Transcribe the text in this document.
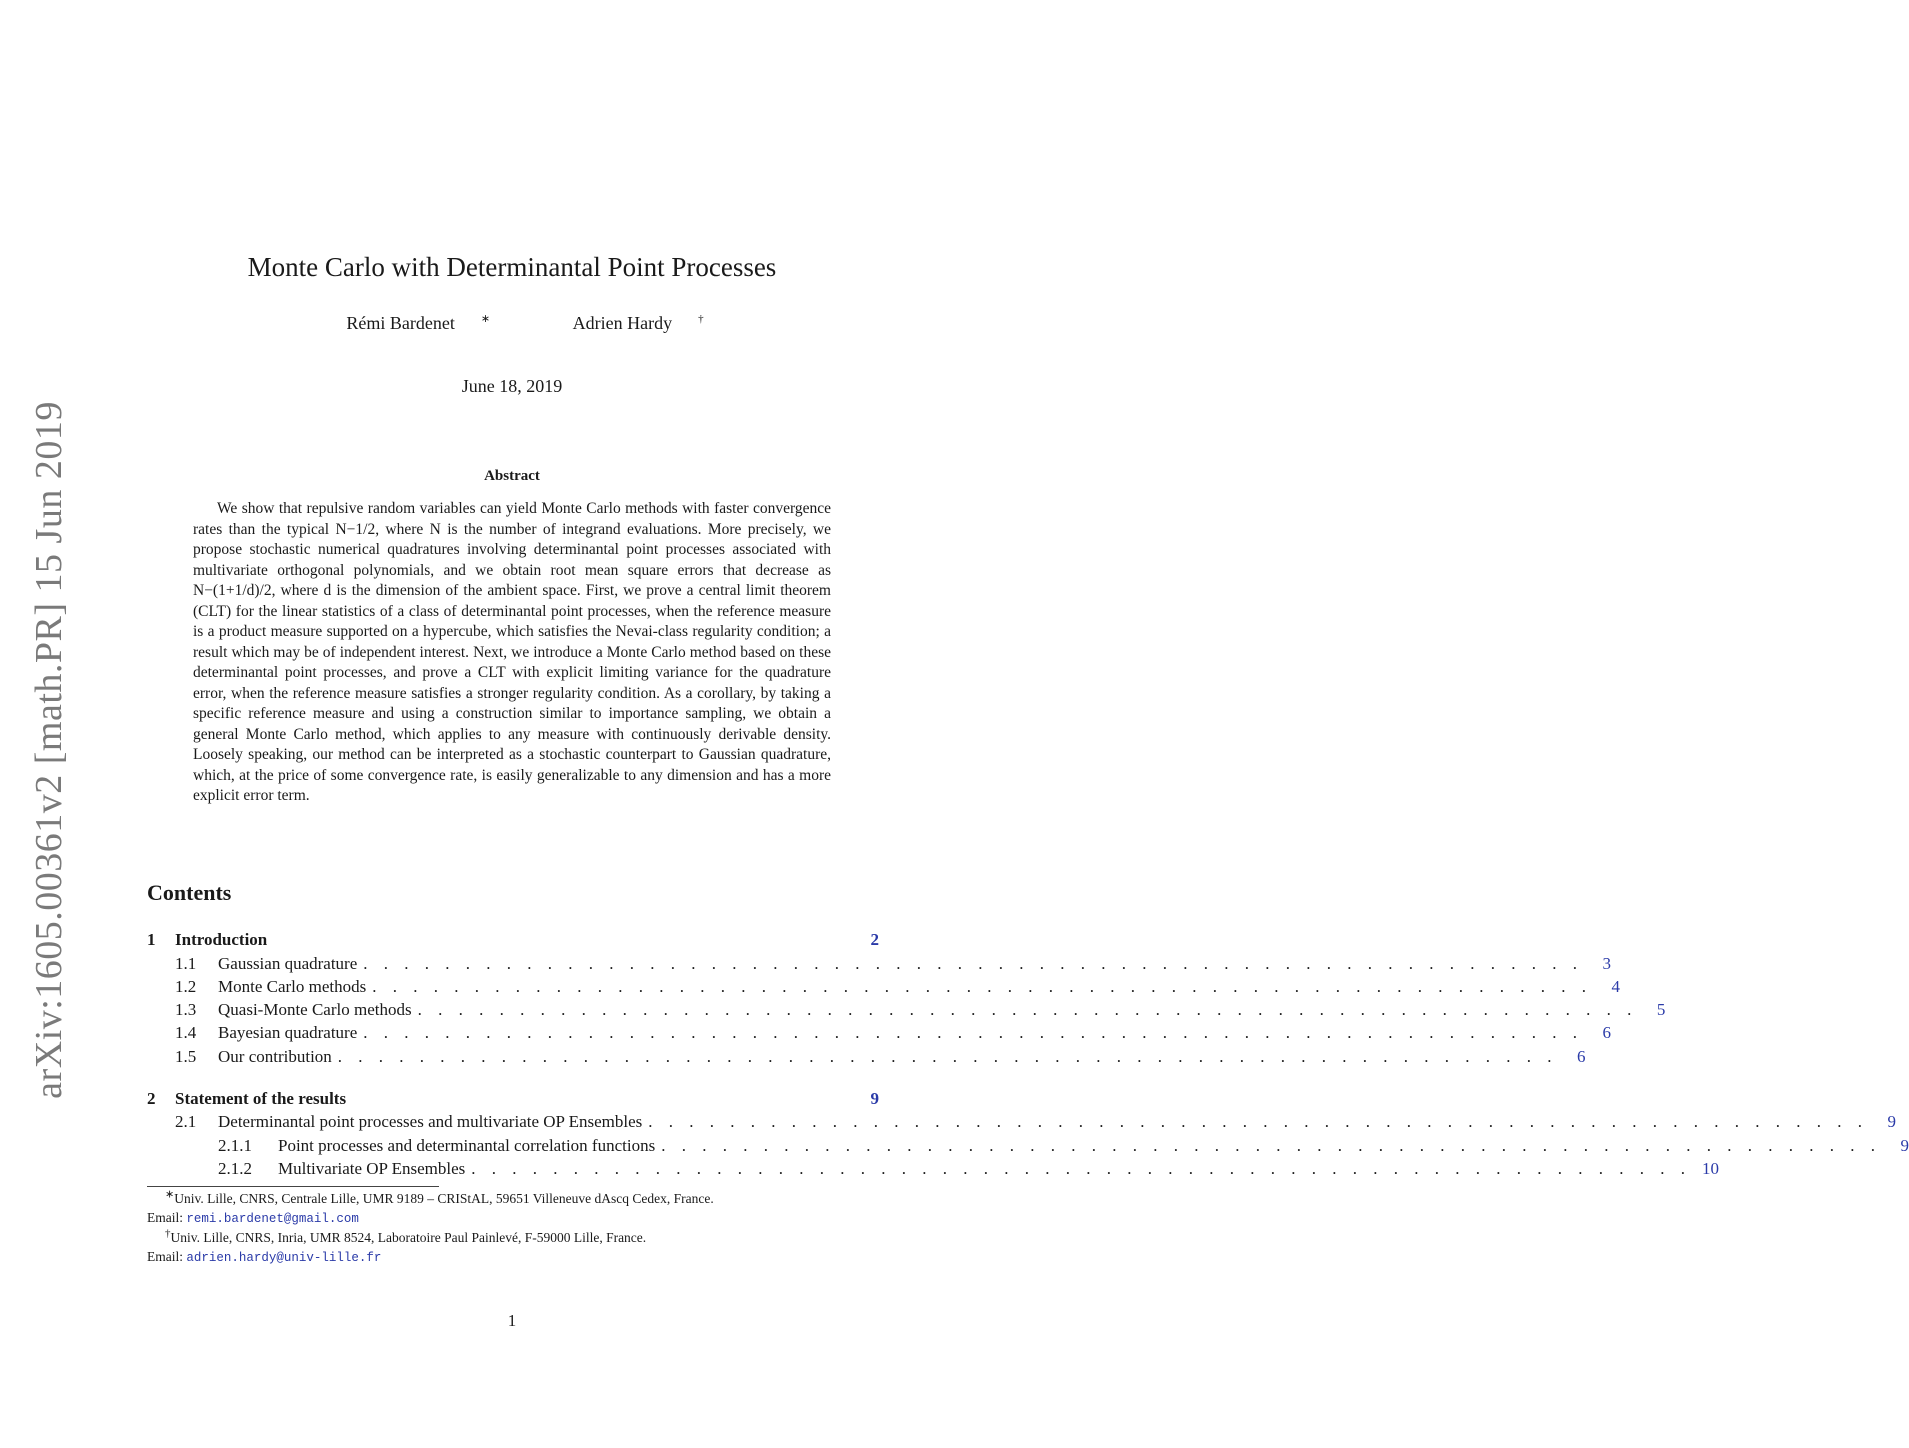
arXiv:1605.00361v2 [math.PR] 15 Jun 2019
Monte Carlo with Determinantal Point Processes
Rémi Bardenet ∗	Adrien Hardy †
June 18, 2019
Abstract
We show that repulsive random variables can yield Monte Carlo methods with faster convergence rates than the typical N−1/2, where N is the number of integrand evaluations. More precisely, we propose stochastic numerical quadratures involving determinantal point processes associated with multivariate orthogonal polynomials, and we obtain root mean square errors that decrease as N−(1+1/d)/2, where d is the dimension of the ambient space. First, we prove a central limit theorem (CLT) for the linear statistics of a class of determinantal point processes, when the reference measure is a product measure supported on a hypercube, which satisfies the Nevai-class regularity condition; a result which may be of independent interest. Next, we introduce a Monte Carlo method based on these determinantal point processes, and prove a CLT with explicit limiting variance for the quadrature error, when the reference measure satisfies a stronger regularity condition. As a corollary, by taking a specific reference measure and using a construction similar to importance sampling, we obtain a general Monte Carlo method, which applies to any measure with continuously derivable density. Loosely speaking, our method can be interpreted as a stochastic counterpart to Gaussian quadrature, which, at the price of some convergence rate, is easily generalizable to any dimension and has a more explicit error term.
Contents
1	Introduction	2
1.1	Gaussian quadrature . . . . . . . . . . . . . . . . . . . . . . . . . . . . . . . . . . . . . . . . . . . . . . . . . . . . . . . . . . . .	3
1.2	Monte Carlo methods . . . . . . . . . . . . . . . . . . . . . . . . . . . . . . . . . . . . . . . . . . . . . . . . . . . . . . . . . . . .	4
1.3	Quasi-Monte Carlo methods . . . . . . . . . . . . . . . . . . . . . . . . . . . . . . . . . . . . . . . . . . . . . . . . . . . . . . . . . . . .	5
1.4	Bayesian quadrature . . . . . . . . . . . . . . . . . . . . . . . . . . . . . . . . . . . . . . . . . . . . . . . . . . . . . . . . . . . .	6
1.5	Our contribution . . . . . . . . . . . . . . . . . . . . . . . . . . . . . . . . . . . . . . . . . . . . . . . . . . . . . . . . . . . .	6
2	Statement of the results	9
2.1	Determinantal point processes and multivariate OP Ensembles . . . . . . . . . . . . . . . . . . . . . . . . . . . . . . . . . . . . . . . . . . . . . . . . . . . . . . . . . . . .	9
2.1.1	Point processes and determinantal correlation functions . . . . . . . . . . . . . . . . . . . . . . . . . . . . . . . . . . . . . . . . . . . . . . . . . . . . . . . . . . . .	9
2.1.2	Multivariate OP Ensembles . . . . . . . . . . . . . . . . . . . . . . . . . . . . . . . . . . . . . . . . . . . . . . . . . . . . . . . . . . . . 10
∗Univ. Lille, CNRS, Centrale Lille, UMR 9189 – CRIStAL, 59651 Villeneuve dAscq Cedex, France.
Email: remi.bardenet@gmail.com
†Univ. Lille, CNRS, Inria, UMR 8524, Laboratoire Paul Painlevé, F-59000 Lille, France.
Email: adrien.hardy@univ-lille.fr
1
